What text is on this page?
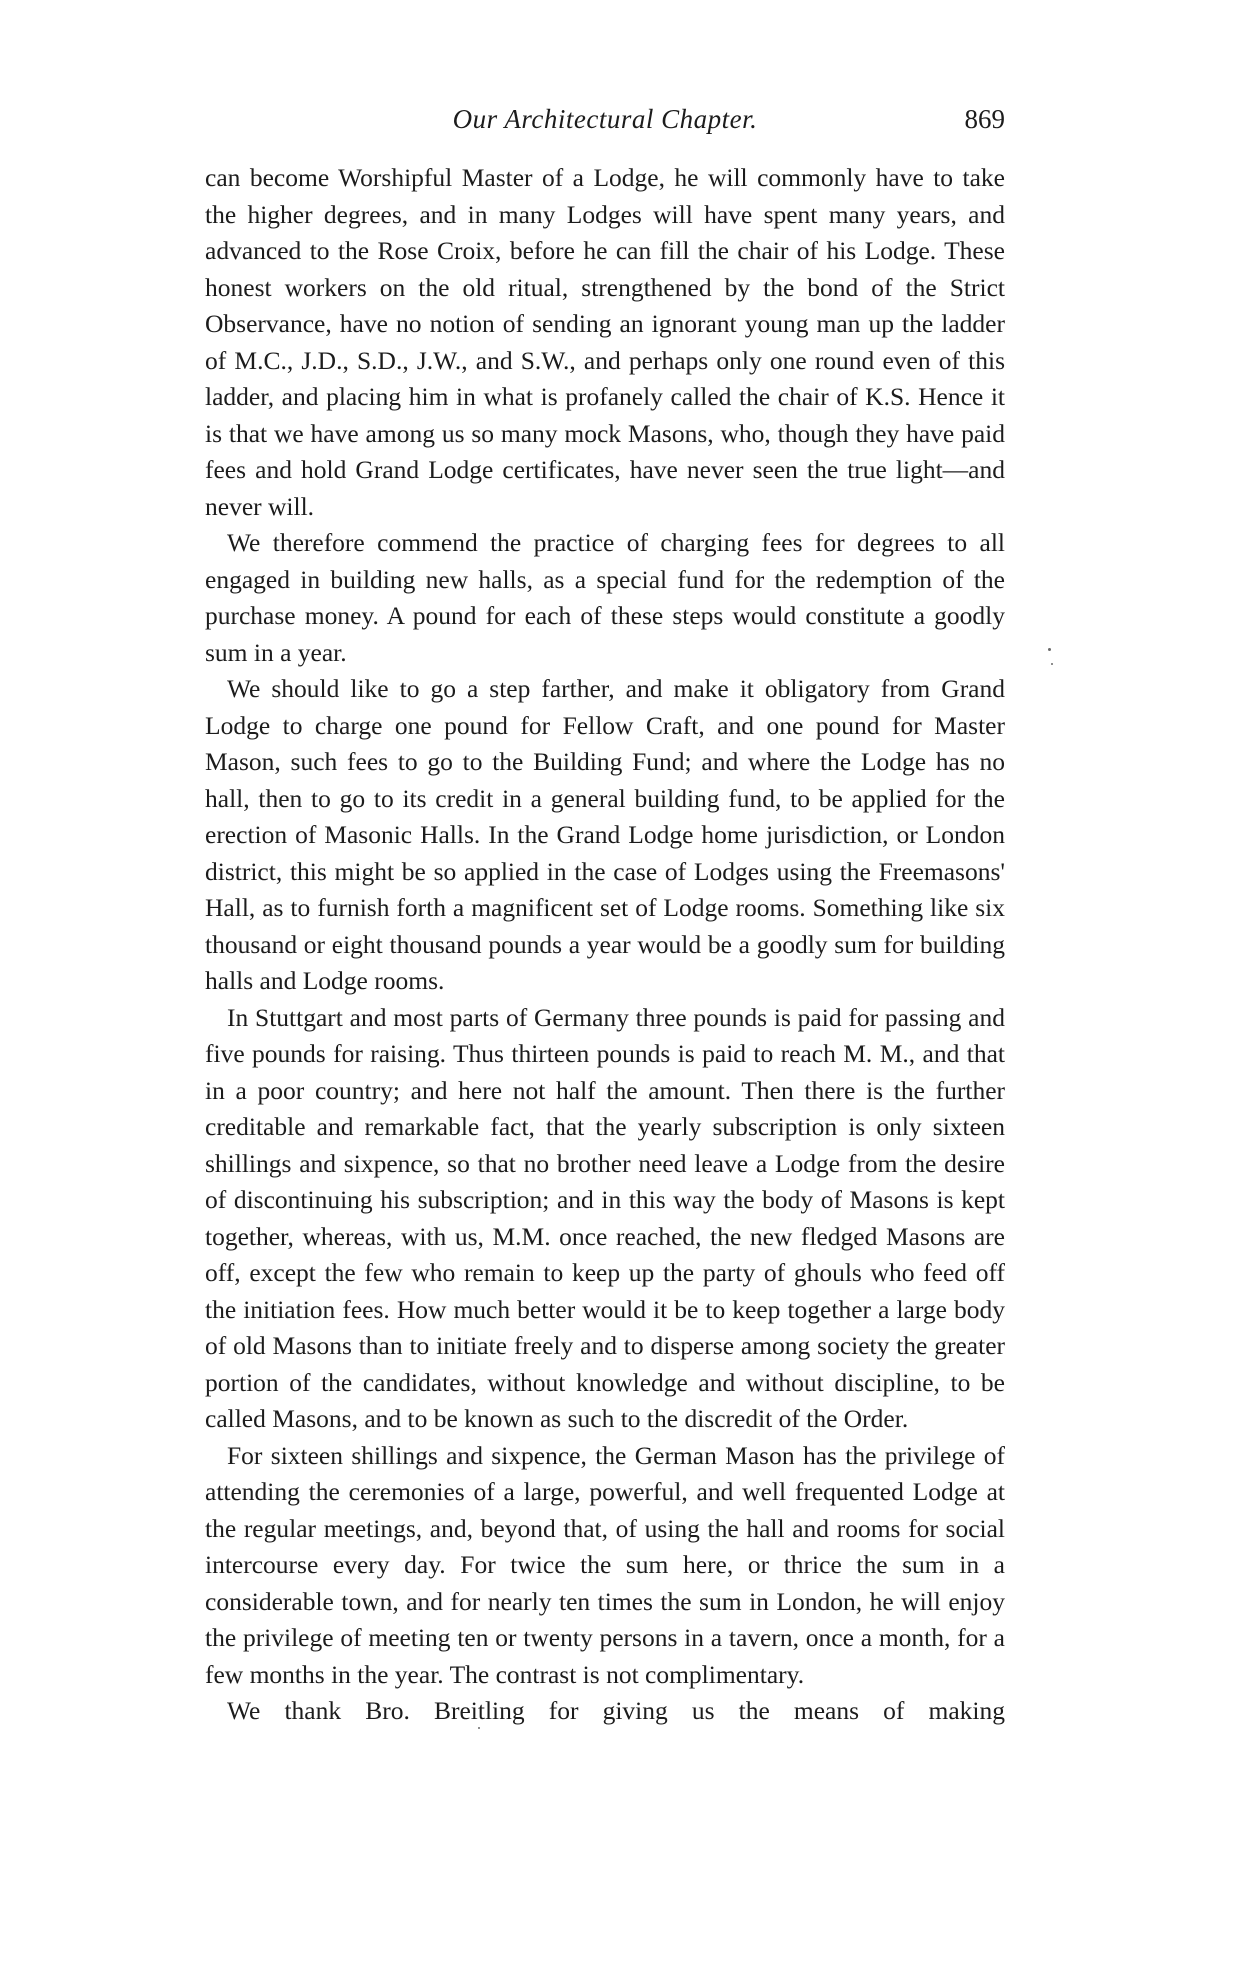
Our Architectural Chapter.	869

can become Worshipful Master of a Lodge, he will commonly have to take the higher degrees, and in many Lodges will have spent many years, and advanced to the Rose Croix, before he can fill the chair of his Lodge. These honest workers on the old ritual, strengthened by the bond of the Strict Observance, have no notion of sending an ignorant young man up the ladder of M.C., J.D., S.D., J.W., and S.W., and perhaps only one round even of this ladder, and placing him in what is profanely called the chair of K.S. Hence it is that we have among us so many mock Masons, who, though they have paid fees and hold Grand Lodge certificates, have never seen the true light—and never will.

We therefore commend the practice of charging fees for degrees to all engaged in building new halls, as a special fund for the redemption of the purchase money. A pound for each of these steps would constitute a goodly sum in a year.

We should like to go a step farther, and make it obligatory from Grand Lodge to charge one pound for Fellow Craft, and one pound for Master Mason, such fees to go to the Building Fund; and where the Lodge has no hall, then to go to its credit in a general building fund, to be applied for the erection of Masonic Halls. In the Grand Lodge home jurisdiction, or London district, this might be so applied in the case of Lodges using the Freemasons' Hall, as to furnish forth a magnificent set of Lodge rooms. Something like six thousand or eight thousand pounds a year would be a goodly sum for building halls and Lodge rooms.

In Stuttgart and most parts of Germany three pounds is paid for passing and five pounds for raising. Thus thirteen pounds is paid to reach M. M., and that in a poor country; and here not half the amount. Then there is the further creditable and remarkable fact, that the yearly subscription is only sixteen shillings and sixpence, so that no brother need leave a Lodge from the desire of discontinuing his subscription; and in this way the body of Masons is kept together, whereas, with us, M.M. once reached, the new fledged Masons are off, except the few who remain to keep up the party of ghouls who feed off the initiation fees. How much better would it be to keep together a large body of old Masons than to initiate freely and to disperse among society the greater portion of the candidates, without knowledge and without discipline, to be called Masons, and to be known as such to the discredit of the Order.

For sixteen shillings and sixpence, the German Mason has the privilege of attending the ceremonies of a large, powerful, and well frequented Lodge at the regular meetings, and, beyond that, of using the hall and rooms for social intercourse every day. For twice the sum here, or thrice the sum in a considerable town, and for nearly ten times the sum in London, he will enjoy the privilege of meeting ten or twenty persons in a tavern, once a month, for a few months in the year. The contrast is not complimentary.

We thank Bro. Breitling for giving us the means of making
